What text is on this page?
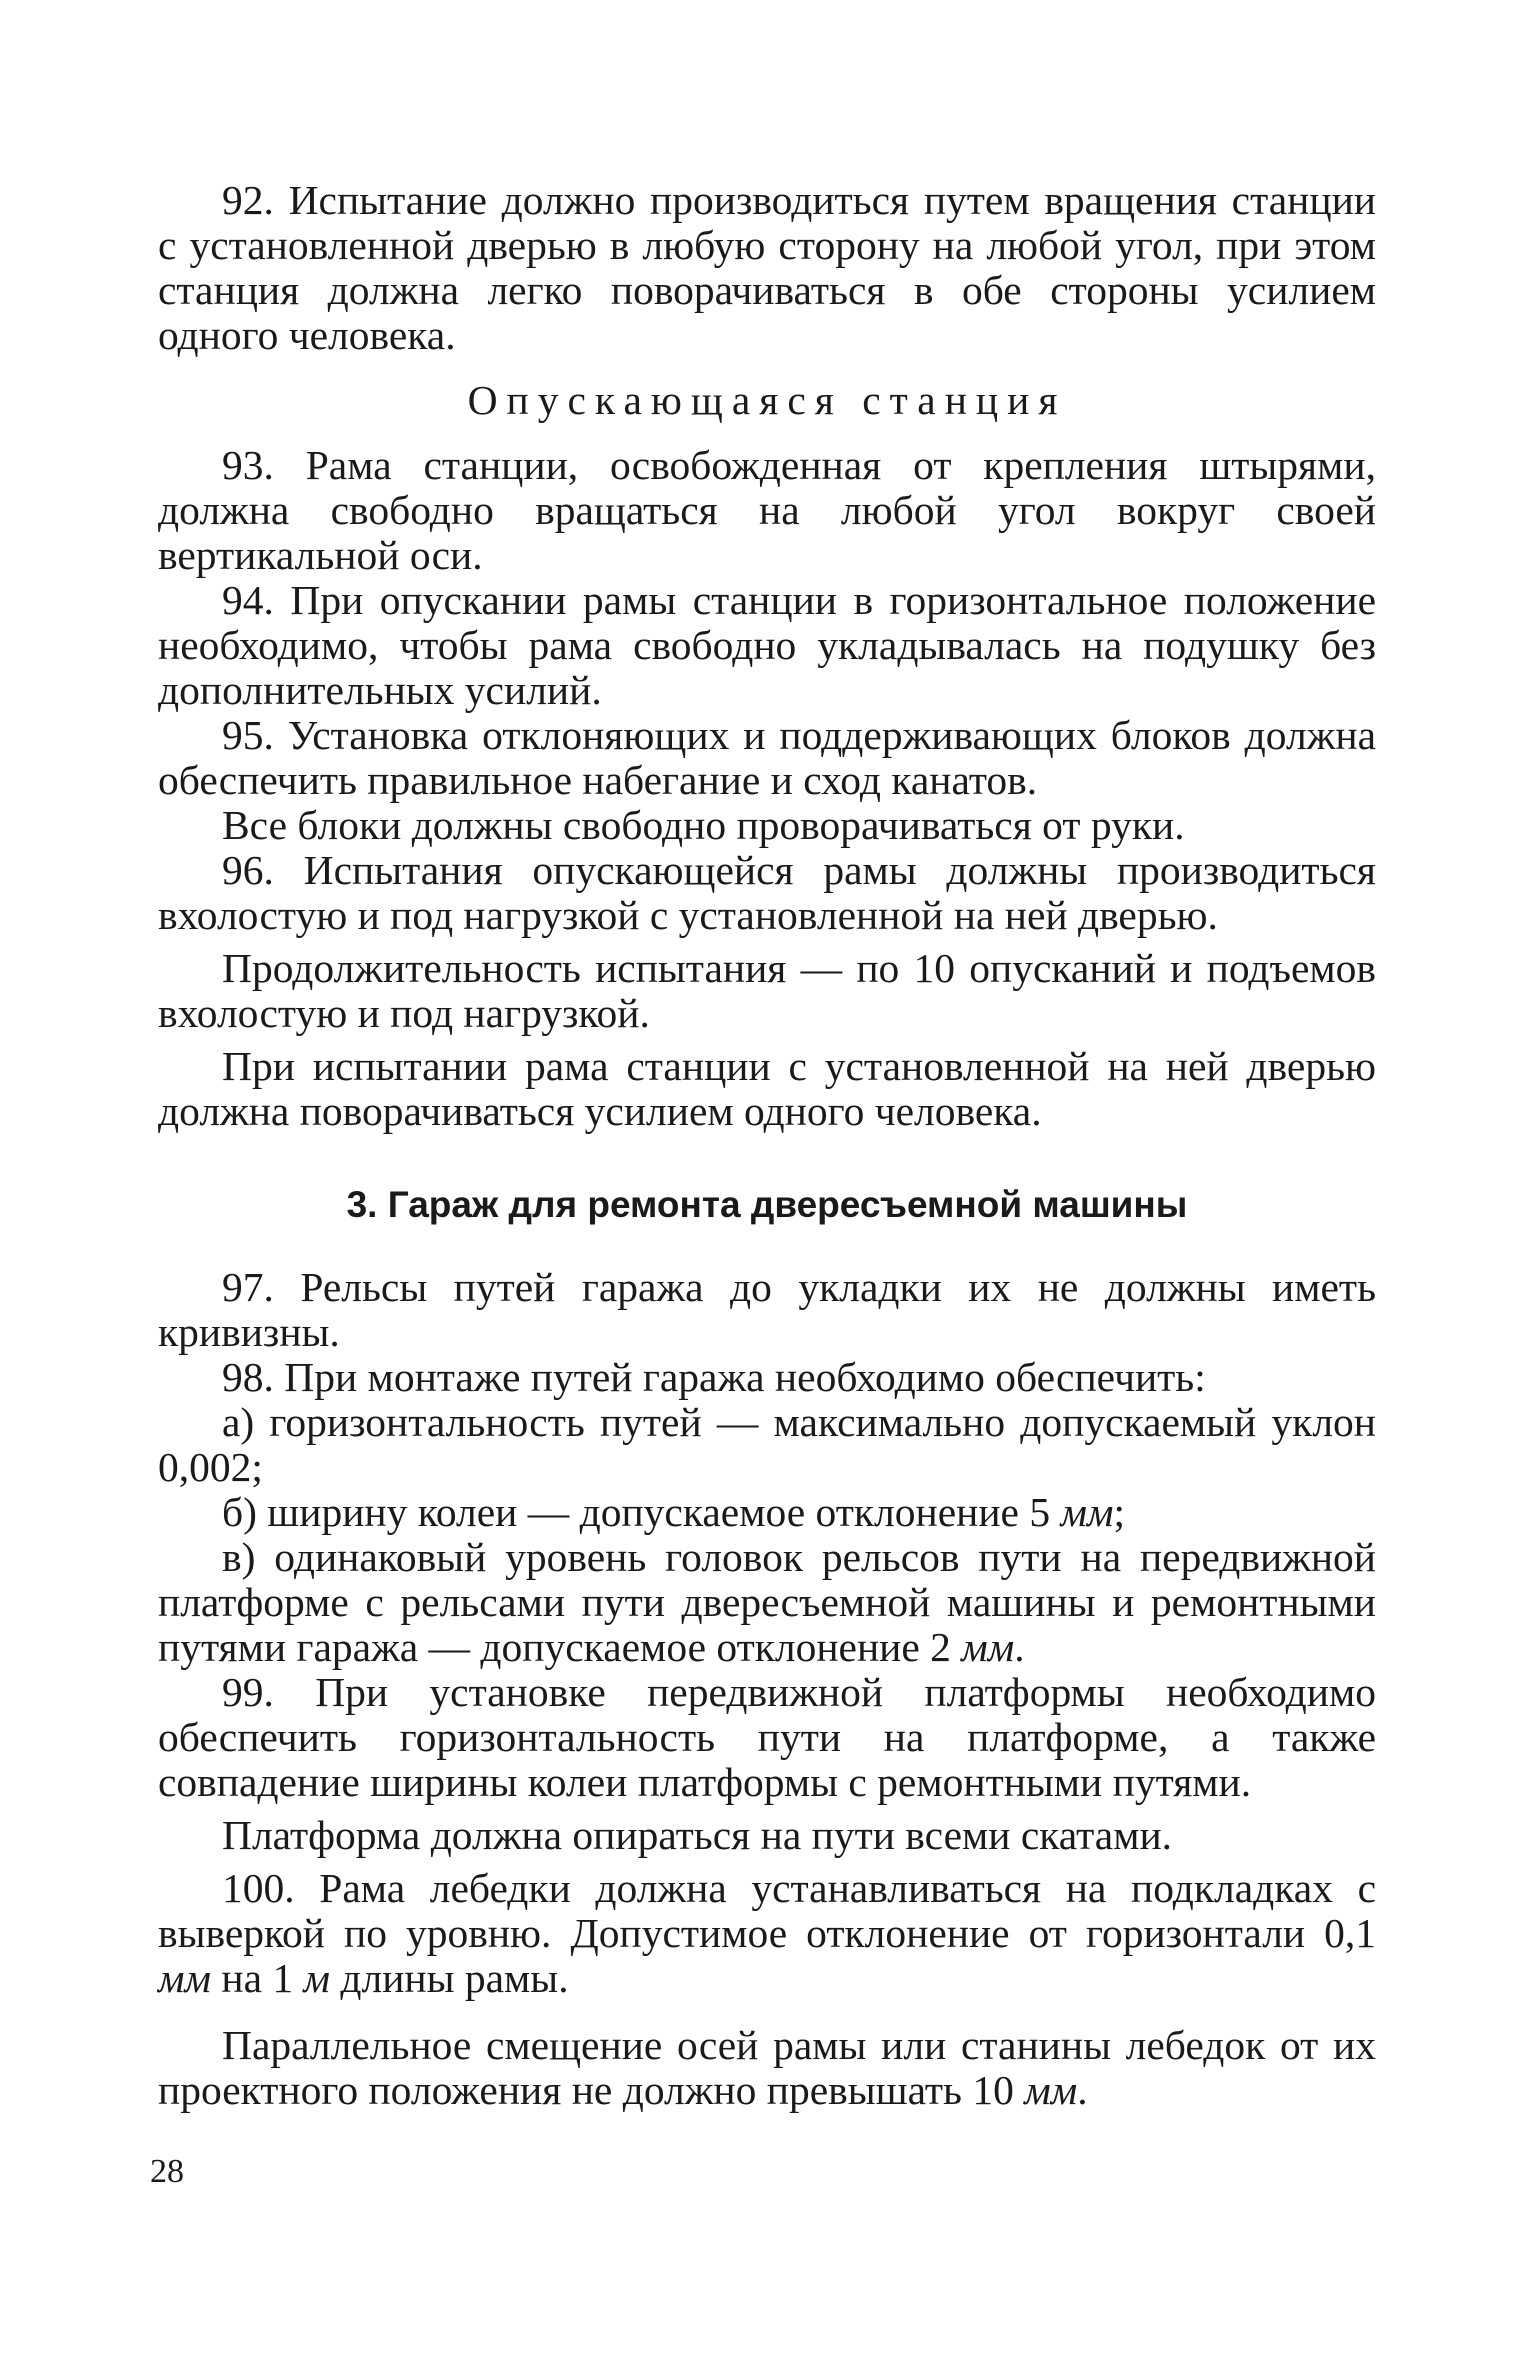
92. Испытание должно производиться путем вращения станции с установленной дверью в любую сторону на любой угол, при этом станция должна легко поворачиваться в обе стороны усилием одного человека.

Опускающаяся станция

93. Рама станции, освобожденная от крепления штырями, должна свободно вращаться на любой угол вокруг своей вертикальной оси.

94. При опускании рамы станции в горизонтальное положение необходимо, чтобы рама свободно укладывалась на подушку без дополнительных усилий.

95. Установка отклоняющих и поддерживающих блоков должна обеспечить правильное набегание и сход канатов.

Все блоки должны свободно проворачиваться от руки.

96. Испытания опускающейся рамы должны производиться вхолостую и под нагрузкой с установленной на ней дверью.

Продолжительность испытания — по 10 опусканий и подъемов вхолостую и под нагрузкой.

При испытании рама станции с установленной на ней дверью должна поворачиваться усилием одного человека.

3. Гараж для ремонта двересъемной машины

97. Рельсы путей гаража до укладки их не должны иметь кривизны.

98. При монтаже путей гаража необходимо обеспечить:

а) горизонтальность путей — максимально допускаемый уклон 0,002;

б) ширину колеи — допускаемое отклонение 5 мм;

в) одинаковый уровень головок рельсов пути на передвижной платформе с рельсами пути двересъемной машины и ремонтными путями гаража — допускаемое отклонение 2 мм.

99. При установке передвижной платформы необходимо обеспечить горизонтальность пути на платформе, а также совпадение ширины колеи платформы с ремонтными путями.

Платформа должна опираться на пути всеми скатами.

100. Рама лебедки должна устанавливаться на подкладках с выверкой по уровню. Допустимое отклонение от горизонтали 0,1 мм на 1 м длины рамы.

Параллельное смещение осей рамы или станины лебедок от их проектного положения не должно превышать 10 мм.

28
